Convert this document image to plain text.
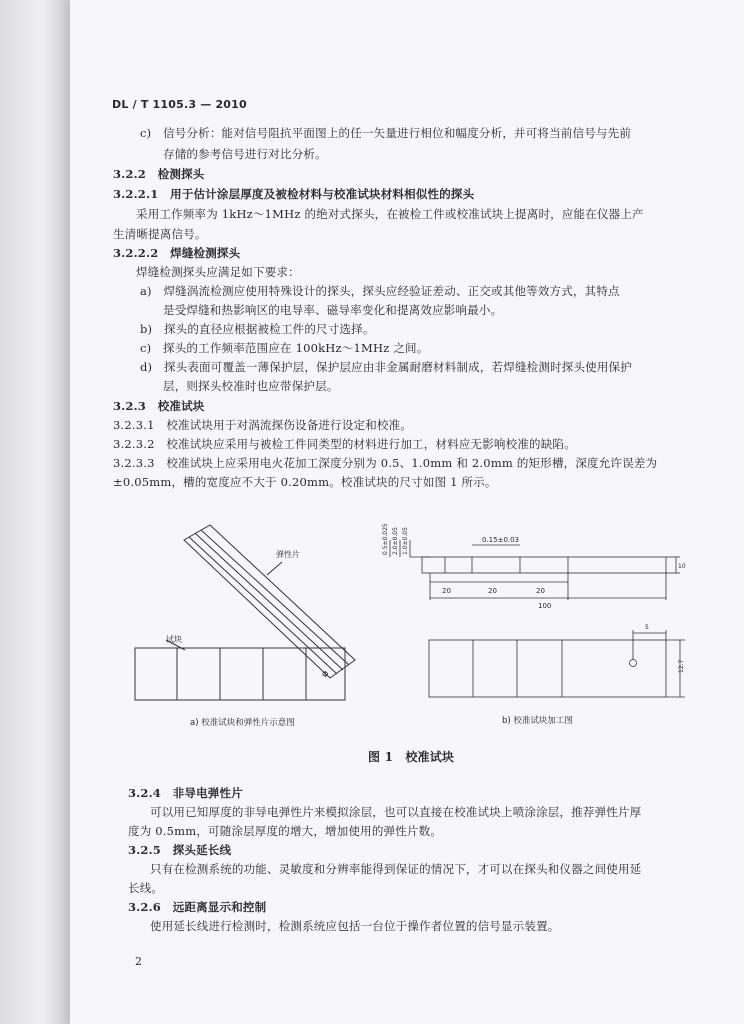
DL / T 1105.3 — 2010
c)　信号分析：能对信号阻抗平面图上的任一矢量进行相位和幅度分析，并可将当前信号与先前
存储的参考信号进行对比分析。
3.2.2　检测探头
3.2.2.1　用于估计涂层厚度及被检材料与校准试块材料相似性的探头
采用工作频率为 1kHz～1MHz 的绝对式探头，在被检工件或校准试块上提离时，应能在仪器上产
生清晰提离信号。
3.2.2.2　焊缝检测探头
焊缝检测探头应满足如下要求：
a)　焊缝涡流检测应使用特殊设计的探头，探头应经验证差动、正交或其他等效方式，其特点
是受焊缝和热影响区的电导率、磁导率变化和提离效应影响最小。
b)　探头的直径应根据被检工件的尺寸选择。
c)　探头的工作频率范围应在 100kHz～1MHz 之间。
d)　探头表面可覆盖一薄保护层，保护层应由非金属耐磨材料制成，若焊缝检测时探头使用保护
层，则探头校准时也应带保护层。
3.2.3　校准试块
3.2.3.1　校准试块用于对涡流探伤设备进行设定和校准。
3.2.3.2　校准试块应采用与被检工件同类型的材料进行加工，材料应无影响校准的缺陷。
3.2.3.3　校准试块上应采用电火花加工深度分别为 0.5、1.0mm 和 2.0mm 的矩形槽，深度允许误差为
±0.05mm，槽的宽度应不大于 0.20mm。校准试块的尺寸如图 1 所示。
弹性片
试块
Φ
2.0±0.05 1.0±0.05
0.5±0.025	0.15±0.03
20	20	20
100
10
5
12.7
a) 校准试块和弹性片示意图	b) 校准试块加工图
图 1　校准试块
3.2.4　非导电弹性片
可以用已知厚度的非导电弹性片来模拟涂层，也可以直接在校准试块上喷涂涂层，推荐弹性片厚
度为 0.5mm，可随涂层厚度的增大，增加使用的弹性片数。
3.2.5　探头延长线
只有在检测系统的功能、灵敏度和分辨率能得到保证的情况下，才可以在探头和仪器之间使用延
长线。
3.2.6　远距离显示和控制
使用延长线进行检测时，检测系统应包括一台位于操作者位置的信号显示装置。
2
